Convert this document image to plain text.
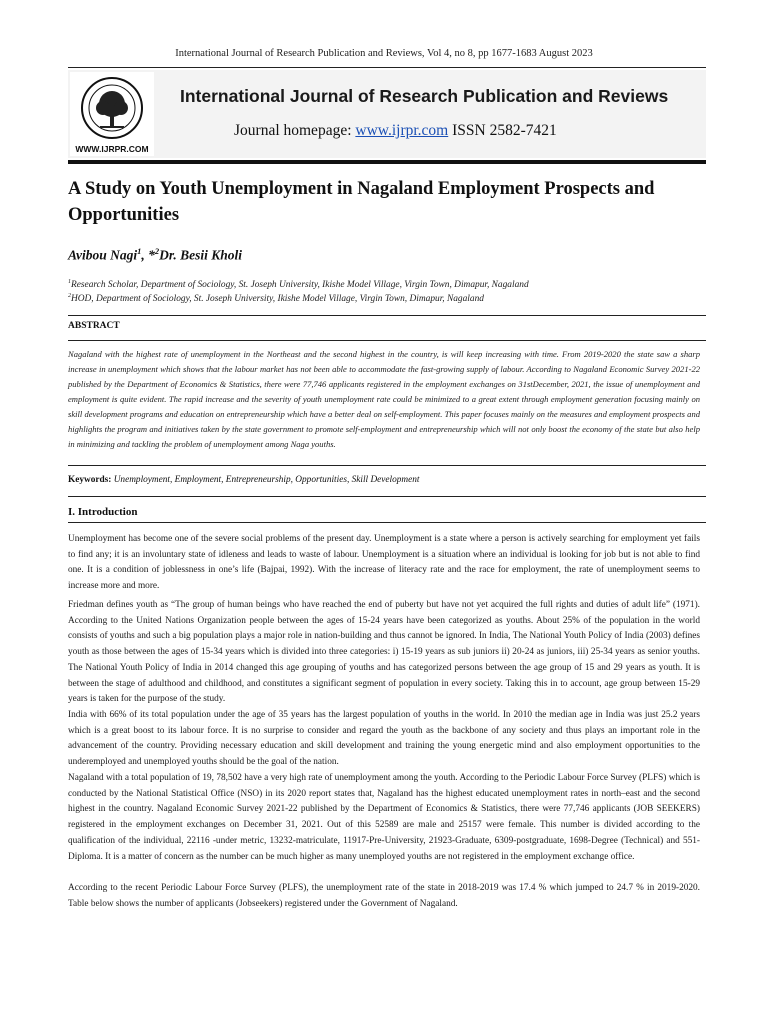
International Journal of Research Publication and Reviews, Vol 4, no 8, pp 1677-1683 August 2023
WWW.IJRPR.COM
International Journal of Research Publication and Reviews
Journal homepage: www.ijrpr.com ISSN 2582-7421
A Study on Youth Unemployment in Nagaland Employment Prospects and Opportunities
Avibou Nagi$^1$, *$^2$Dr. Besii Kholi
$^1$Research Scholar, Department of Sociology, St. Joseph University, Ikishe Model Village, Virgin Town, Dimapur, Nagaland
$^2$HOD, Department of Sociology, St. Joseph University, Ikishe Model Village, Virgin Town, Dimapur, Nagaland
ABSTRACT
Nagaland with the highest rate of unemployment in the Northeast and the second highest in the country, is will keep increasing with time. From 2019-2020 the state saw a sharp increase in unemployment which shows that the labour market has not been able to accommodate the fast-growing supply of labour. According to Nagaland Economic Survey 2021-22 published by the Department of Economics & Statistics, there were 77,746 applicants registered in the employment exchanges on 31stDecember, 2021, the issue of unemployment and employment is quite evident. The rapid increase and the severity of youth unemployment rate could be minimized to a great extent through employment generation focusing mainly on skill development programs and education on entrepreneurship which have a better deal on self-employment. This paper focuses mainly on the measures and employment prospects and highlights the program and initiatives taken by the state government to promote self-employment and entrepreneurship which will not only boost the economy of the state but also help in minimizing and tackling the problem of unemployment among Naga youths.
Keywords: Unemployment, Employment, Entrepreneurship, Opportunities, Skill Development
I. Introduction
Unemployment has become one of the severe social problems of the present day. Unemployment is a state where a person is actively searching for employment yet fails to find any; it is an involuntary state of idleness and leads to waste of labour. Unemployment is a situation where an individual is looking for job but is not able to find one. It is a condition of joblessness in one’s life (Bajpai, 1992). With the increase of literacy rate and the race for employment, the rate of unemployment seems to increase more and more.
Friedman defines youth as “The group of human beings who have reached the end of puberty but have not yet acquired the full rights and duties of adult life” (1971). According to the United Nations Organization people between the ages of 15-24 years have been categorized as youths. About 25% of the population in the world consists of youths and such a big population plays a major role in nation-building and thus cannot be ignored. In India, The National Youth Policy of India (2003) defines youth as those between the ages of 15-34 years which is divided into three categories: i) 15-19 years as sub juniors ii) 20-24 as juniors, iii) 25-34 years as senior youths. The National Youth Policy of India in 2014 changed this age grouping of youths and has categorized persons between the age group of 15 and 29 years as youth. It is between the stage of adulthood and childhood, and constitutes a significant segment of population in every society. Taking this in to account, age group between 15-29 years is taken for the purpose of the study.
India with 66% of its total population under the age of 35 years has the largest population of youths in the world. In 2010 the median age in India was just 25.2 years which is a great boost to its labour force. It is no surprise to consider and regard the youth as the backbone of any society and thus plays an important role in the advancement of the country. Providing necessary education and skill development and training the young energetic mind and also employment opportunities to the underemployed and unemployed youths should be the goal of the nation.
Nagaland with a total population of 19, 78,502 have a very high rate of unemployment among the youth. According to the Periodic Labour Force Survey (PLFS) which is conducted by the National Statistical Office (NSO) in its 2020 report states that, Nagaland has the highest educated unemployment rates in north–east and the second highest in the country. Nagaland Economic Survey 2021-22 published by the Department of Economics & Statistics, there were 77,746 applicants (JOB SEEKERS) registered in the employment exchanges on December 31, 2021. Out of this 52589 are male and 25157 were female. This number is divided according to the qualification of the individual, 22116 -under metric, 13232-matriculate, 11917-Pre-University, 21923-Graduate, 6309-postgraduate, 1698-Degree (Technical) and 551-Diploma. It is a matter of concern as the number can be much higher as many unemployed youths are not registered in the employment exchange office.
According to the recent Periodic Labour Force Survey (PLFS), the unemployment rate of the state in 2018-2019 was 17.4 % which jumped to 24.7 % in 2019-2020. Table below shows the number of applicants (Jobseekers) registered under the Government of Nagaland.
